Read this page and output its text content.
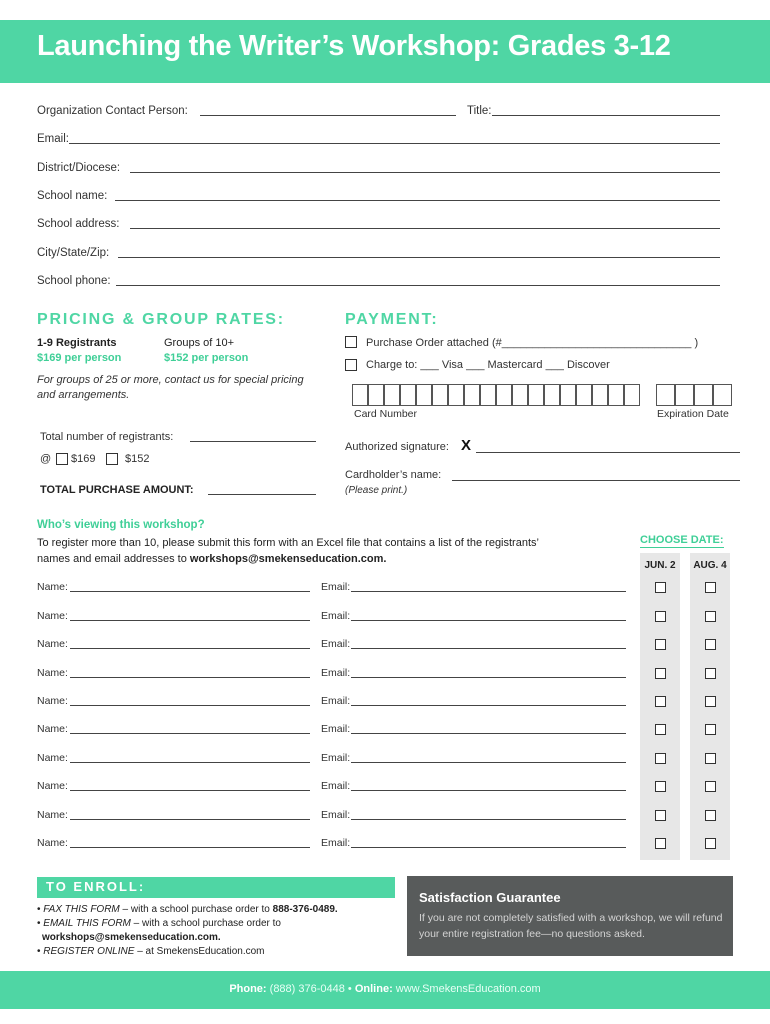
Launching the Writer’s Workshop: Grades 3-12
Organization Contact Person:	Title:
Email:
District/Diocese:
School name:
School address:
City/State/Zip:
School phone:
PRICING & GROUP RATES:
1-9 Registrants
$169 per person
Groups of 10+
$152 per person
For groups of 25 or more, contact us for special pricing and arrangements.
Total number of registrants:
@ $169	$152
TOTAL PURCHASE AMOUNT:
PAYMENT:
Purchase Order attached (#_______________________________ )
Charge to: ___ Visa ___ Mastercard ___ Discover
Card Number	Expiration Date
Authorized signature: X
Cardholder’s name:
(Please print.)
Who’s viewing this workshop?
To register more than 10, please submit this form with an Excel file that contains a list of the registrants’
names and email addresses to workshops@smekenseducation.com.
CHOOSE DATE:
JUN. 2	AUG. 4
Name:	Email:
Name:	Email:
Name:	Email:
Name:	Email:
Name:	Email:
Name:	Email:
Name:	Email:
Name:	Email:
Name:	Email:
Name:	Email:
TO ENROLL:
• FAX THIS FORM – with a school purchase order to 888-376-0489.
• EMAIL THIS FORM – with a school purchase order to
workshops@smekenseducation.com.
• REGISTER ONLINE – at SmekensEducation.com
Satisfaction Guarantee
If you are not completely satisfied with a workshop, we will refund your entire registration fee—no questions asked.
Phone: (888) 376-0448 • Online: www.SmekensEducation.com
